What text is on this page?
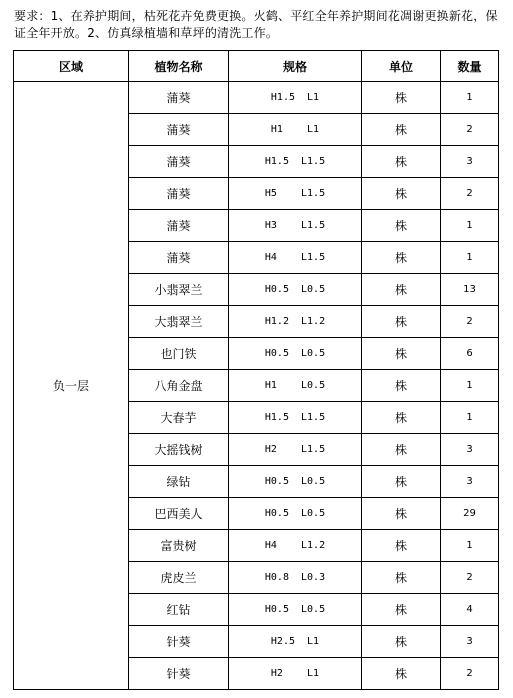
要求：1、在养护期间，枯死花卉免费更换。火鹤、平红全年养护期间花凋谢更换新花，保证全年开放。2、仿真绿植墙和草坪的清洗工作。
区域	植物名称	规格	单位	数量
负一层	蒲葵	H1.5  L1	株	1
	蒲葵	H1    L1	株	2
	蒲葵	H1.5  L1.5	株	3
	蒲葵	H5    L1.5	株	2
	蒲葵	H3    L1.5	株	1
	蒲葵	H4    L1.5	株	1
	小翡翠兰	H0.5  L0.5	株	13
	大翡翠兰	H1.2  L1.2	株	2
	也门铁	H0.5  L0.5	株	6
	八角金盘	H1    L0.5	株	1
	大春芋	H1.5  L1.5	株	1
	大摇钱树	H2    L1.5	株	3
	绿钻	H0.5  L0.5	株	3
	巴西美人	H0.5  L0.5	株	29
	富贵树	H4    L1.2	株	1
	虎皮兰	H0.8  L0.3	株	2
	红钻	H0.5  L0.5	株	4
	针葵	H2.5  L1	株	3
	针葵	H2    L1	株	2
